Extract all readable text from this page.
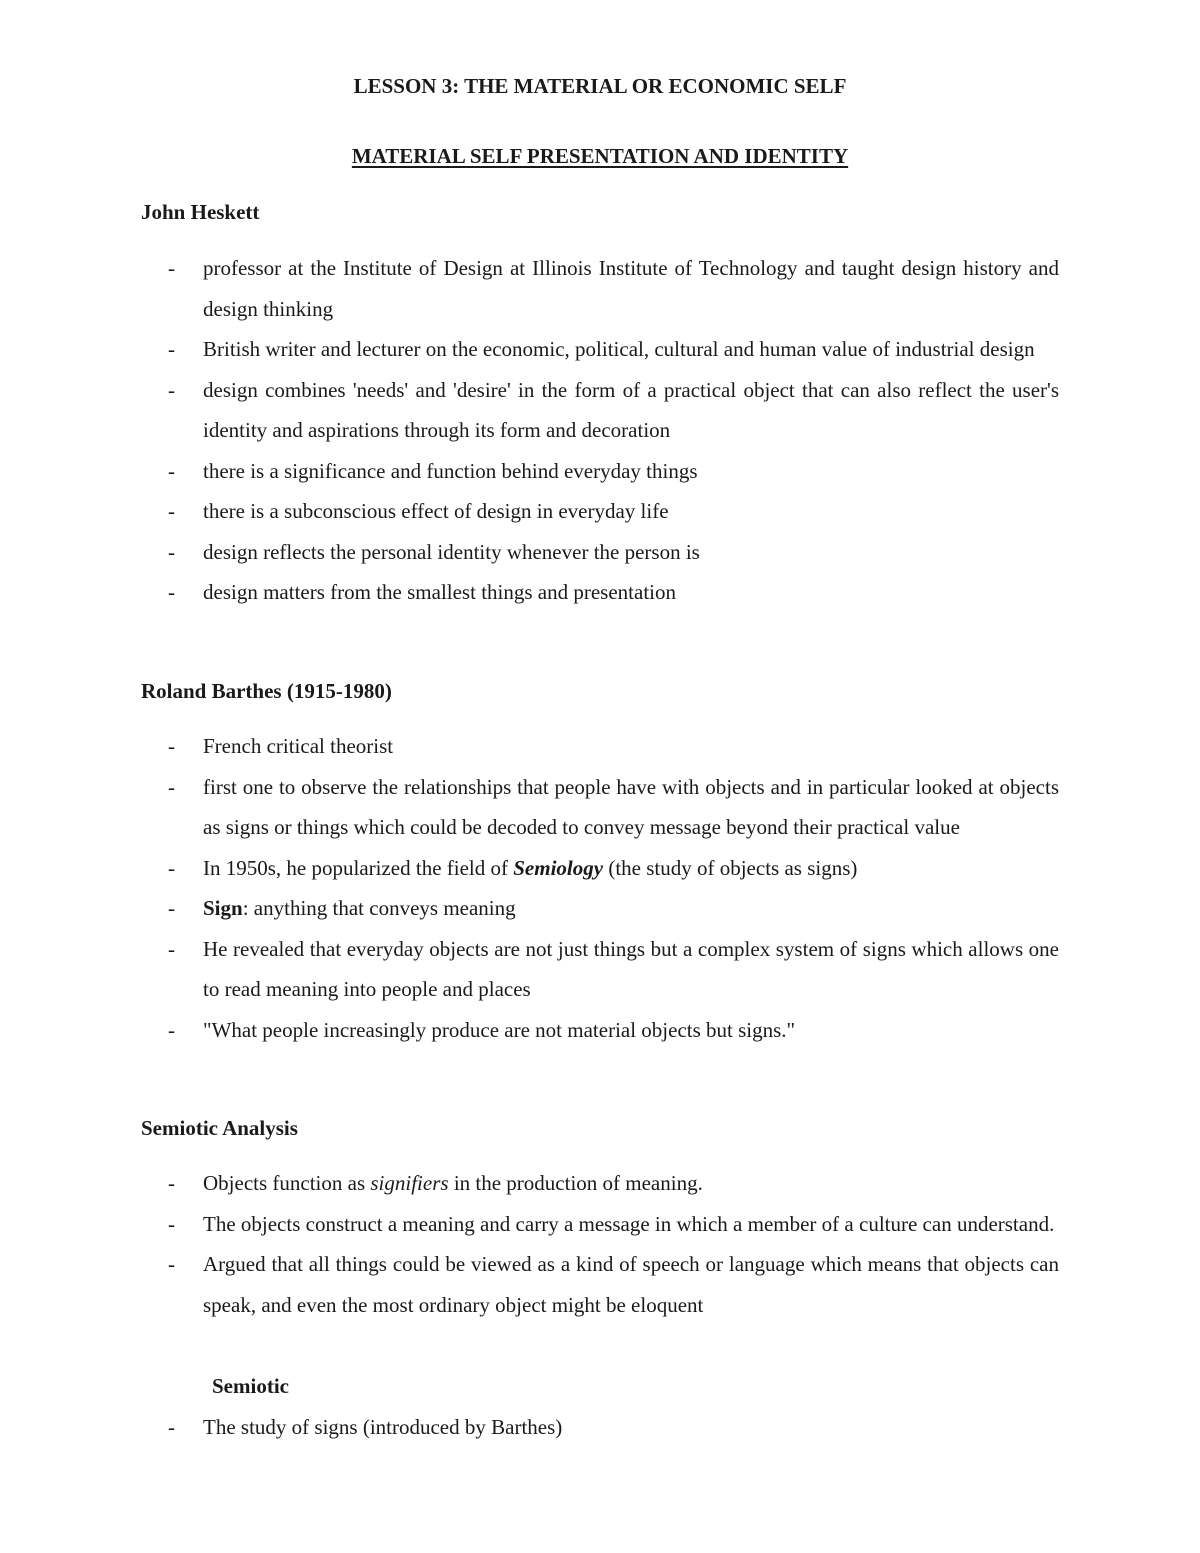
LESSON 3: THE MATERIAL OR ECONOMIC SELF
MATERIAL SELF PRESENTATION AND IDENTITY
John Heskett
- professor at the Institute of Design at Illinois Institute of Technology and taught design history and design thinking
- British writer and lecturer on the economic, political, cultural and human value of industrial design
- design combines 'needs' and 'desire' in the form of a practical object that can also reflect the user's identity and aspirations through its form and decoration
- there is a significance and function behind everyday things
- there is a subconscious effect of design in everyday life
- design reflects the personal identity whenever the person is
- design matters from the smallest things and presentation
Roland Barthes (1915-1980)
- French critical theorist
- first one to observe the relationships that people have with objects and in particular looked at objects as signs or things which could be decoded to convey message beyond their practical value
- In 1950s, he popularized the field of Semiology (the study of objects as signs)
- Sign: anything that conveys meaning
- He revealed that everyday objects are not just things but a complex system of signs which allows one to read meaning into people and places
- "What people increasingly produce are not material objects but signs."
Semiotic Analysis
- Objects function as signifiers in the production of meaning.
- The objects construct a meaning and carry a message in which a member of a culture can understand.
- Argued that all things could be viewed as a kind of speech or language which means that objects can speak, and even the most ordinary object might be eloquent
Semiotic
- The study of signs (introduced by Barthes)
